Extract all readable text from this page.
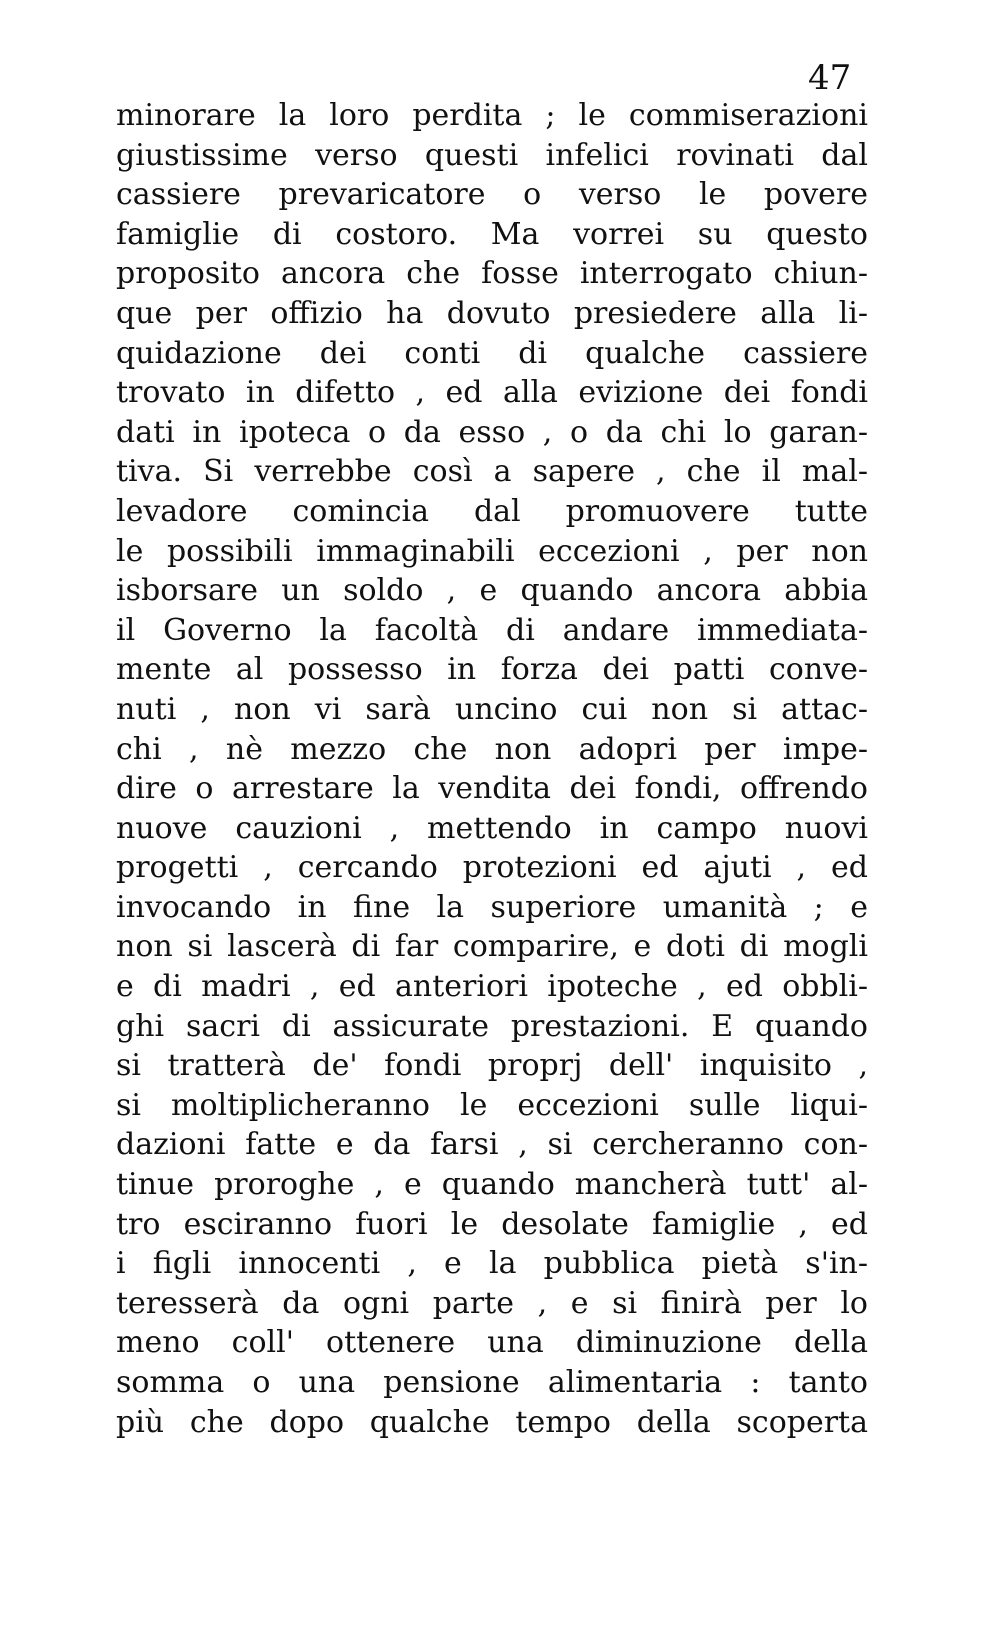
47
minorare la loro perdita ; le commiserazioni
giustissime verso questi infelici rovinati dal
cassiere prevaricatore o verso le povere
famiglie di costoro. Ma vorrei su questo
proposito ancora che fosse interrogato chiun-
que per offizio ha dovuto presiedere alla li-
quidazione dei conti di qualche cassiere
trovato in difetto , ed alla evizione dei fondi
dati in ipoteca o da esso , o da chi lo garan-
tiva. Si verrebbe così a sapere , che il mal-
levadore comincia dal promuovere tutte
le possibili immaginabili eccezioni , per non
isborsare un soldo , e quando ancora abbia
il Governo la facoltà di andare immediata-
mente al possesso in forza dei patti conve-
nuti , non vi sarà uncino cui non si attac-
chi , nè mezzo che non adopri per impe-
dire o arrestare la vendita dei fondi, offrendo
nuove cauzioni , mettendo in campo nuovi
progetti , cercando protezioni ed ajuti , ed
invocando in fine la superiore umanità ; e
non si lascerà di far comparire, e doti di mogli
e di madri , ed anteriori ipoteche , ed obbli-
ghi sacri di assicurate prestazioni. E quando
si tratterà de' fondi proprj dell' inquisito ,
si moltiplicheranno le eccezioni sulle liqui-
dazioni fatte e da farsi , si cercheranno con-
tinue proroghe , e quando mancherà tutt' al-
tro esciranno fuori le desolate famiglie , ed
i figli innocenti , e la pubblica pietà s'in-
teresserà da ogni parte , e si finirà per lo
meno coll' ottenere una diminuzione della
somma o una pensione alimentaria : tanto
più che dopo qualche tempo della scoperta
